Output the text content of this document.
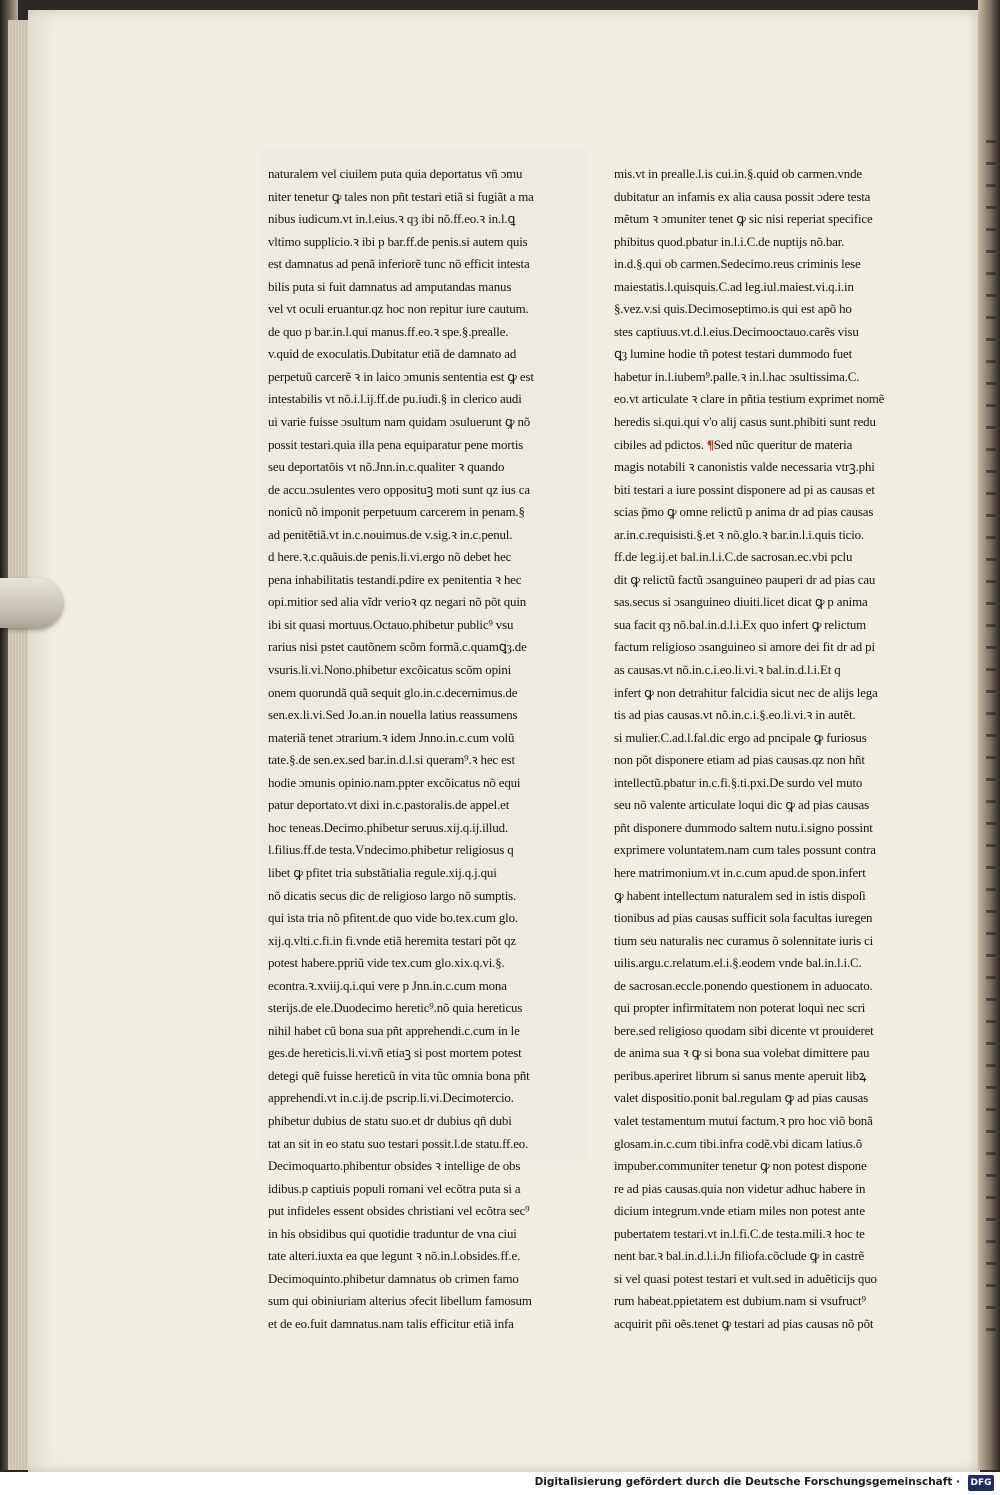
naturalem vel ciuilem puta quia deportatus vñ ɔmu
niter tenetur ꝙ tales non pñt testari etiã si fugiãt a ma
nibus iudicum.vt in.l.eius.ꝛ qȝ ibi nõ.ff.eo.ꝛ in.l.ꝗ
vltimo supplicio.ꝛ ibi p bar.ff.de penis.si autem quis
est damnatus ad penã inferiorẽ tunc nõ efficit intesta
bilis puta si fuit damnatus ad amputandas manus
vel vt oculi eruantur.qz hoc non repitur iure cautum.
de quo p bar.in.l.qui manus.ff.eo.ꝛ spe.§.prealle.
v.quid de exoculatis.Dubitatur etiã de damnato ad
perpetuũ carcerẽ ꝛ in laico ɔmunis sententia est ꝙ est
intestabilis vt nõ.i.l.ij.ff.de pu.iudi.§ in clerico audi
ui varie fuisse ɔsultum nam quidam ɔsuluerunt ꝙ nõ
possit testari.quia illa pena equiparatur pene mortis
seu deportatõis vt nõ.Jnn.in.c.qualiter ꝛ quando
de accu.ɔsulentes vero opposituꝫ moti sunt qz ius ca
nonicũ nõ imponit perpetuum carcerem in penam.§
ad penitẽtiã.vt in.c.nouimus.de v.sig.ꝛ in.c.penul.
d here.ꝛ.c.quãuis.de penis.li.vi.ergo nõ debet hec
pena inhabilitatis testandi.pdire ex penitentia ꝛ hec
opi.mitior sed alia vĩdr verioꝛ qz negari nõ põt quin
ibi sit quasi mortuus.Octauo.phibetur public⁹ vsu
rarius nisi pstet cautõnem scõm formã.c.quamꝗȝ.de
vsuris.li.vi.Nono.phibetur excõicatus scõm opini
onem quorundã quã sequit glo.in.c.decernimus.de
sen.ex.li.vi.Sed Jo.an.in nouella latius reassumens
materiã tenet ɔtrarium.ꝛ idem Jnno.in.c.cum volũ
tate.§.de sen.ex.sed bar.in.d.l.si queram⁹.ꝛ hec est
hodie ɔmunis opinio.nam.ppter excõicatus nõ equi
patur deportato.vt dixi in.c.pastoralis.de appel.et
hoc teneas.Decimo.phibetur seruus.xij.q.ij.illud.
l.filius.ff.de testa.Vndecimo.phibetur religiosus q
libet ꝙ pfitet tria substãtialia regule.xij.q.j.qui
nõ dicatis secus dic de religioso largo nõ sumptis.
qui ista tria nõ pfitent.de quo vide bo.tex.cum glo.
xij.q.vlti.c.fi.in fi.vnde etiã heremita testari põt qz
potest habere.ppriũ vide tex.cum glo.xix.q.vi.§.
econtra.ꝛ.xviij.q.i.qui vere p Jnn.in.c.cum mona
sterijs.de ele.Duodecimo heretic⁹.nõ quia hereticus
nihil habet cũ bona sua pñt apprehendi.c.cum in le
ges.de hereticis.li.vi.vñ etiaꝫ si post mortem potest
detegi quẽ fuisse hereticũ in vita tũc omnia bona pñt
apprehendi.vt in.c.ij.de pscrip.li.vi.Decimotercio.
phibetur dubius de statu suo.et dr dubius qñ dubi
tat an sit in eo statu suo testari possit.l.de statu.ff.eo.
Decimoquarto.phibentur obsides ꝛ intellige de obs
idibus.p captiuis populi romani vel ecõtra puta si a
put infideles essent obsides christiani vel ecõtra sec⁹
in his obsidibus qui quotidie traduntur de vna ciui
tate alteri.iuxta ea que legunt ꝛ nõ.in.l.obsides.ff.e.
Decimoquinto.phibetur damnatus ob crimen famo
sum qui obiniuriam alterius ɔfecit libellum famosum
et de eo.fuit damnatus.nam talis efficitur etiã infa
mis.vt in prealle.l.is cui.in.§.quid ob carmen.vnde
dubitatur an infamis ex alia causa possit ɔdere testa
mẽtum ꝛ ɔmuniter tenet ꝙ sic nisi reperiat specifice
phibitus quod.pbatur in.l.i.C.de nuptijs nõ.bar.
in.d.§.qui ob carmen.Sedecimo.reus criminis lese
maiestatis.l.quisquis.C.ad leg.iul.maiest.vi.q.i.in
§.vez.v.si quis.Decimoseptimo.is qui est apõ ho
stes captiuus.vt.d.l.eius.Decimooctauo.carẽs visu
ꝗȝ lumine hodie tñ potest testari dummodo fuet
habetur in.l.iubem⁹.palle.ꝛ in.l.hac ɔsultissima.C.
eo.vt articulate ꝛ clare in pñtia testium exprimet nomẽ
heredis si.qui.qui v'o alij casus sunt.phibiti sunt redu
cibiles ad pdictos. ¶Sed nũc queritur de materia
magis notabili ꝛ canonistis valde necessaria vtrꝫ.phi
biti testari a iure possint disponere ad pi as causas et
scias p̃mo ꝙ omne relictũ p anima dr ad pias causas
ar.in.c.requisisti.§.et ꝛ nõ.glo.ꝛ bar.in.l.i.quis ticio.
ff.de leg.ij.et bal.in.l.i.C.de sacrosan.ec.vbi pclu
dit ꝙ relictũ factũ ɔsanguineo pauperi dr ad pias cau
sas.secus si ɔsanguineo diuiti.licet dicat ꝙ p anima
sua facit qȝ nõ.bal.in.d.l.i.Ex quo infert ꝙ relictum
factum religioso ɔsanguineo si amore dei fit dr ad pi
as causas.vt nõ.in.c.i.eo.li.vi.ꝛ bal.in.d.l.i.Et q
infert ꝙ non detrahitur falcidia sicut nec de alijs lega
tis ad pias causas.vt nõ.in.c.i.§.eo.li.vi.ꝛ in autẽt.
si mulier.C.ad.l.fal.dic ergo ad pncipale ꝙ furiosus
non põt disponere etiam ad pias causas.qz non hñt
intellectũ.pbatur in.c.fi.§.ti.pxi.De surdo vel muto
seu nõ valente articulate loqui dic ꝙ ad pias causas
pñt disponere dummodo saltem nutu.i.signo possint
exprimere voluntatem.nam cum tales possunt contra
here matrimonium.vt in.c.cum apud.de spon.infert
ꝙ habent intellectum naturalem sed in istis dispoſi
tionibus ad pias causas sufficit sola facultas iuregen
tium seu naturalis nec curamus õ solennitate iuris ci
uilis.argu.c.relatum.el.i.§.eodem vnde bal.in.l.i.C.
de sacrosan.eccle.ponendo questionem in aduocato.
qui propter infirmitatem non poterat loqui nec scri
bere.sed religioso quodam sibi dicente vt prouideret
de anima sua ꝛ ꝙ si bona sua volebat dimittere pau
peribus.aperiret librum si sanus mente aperuit libꝝ
valet dispositio.ponit bal.regulam ꝙ ad pias causas
valet testamentum mutui factum.ꝛ pro hoc viõ bonã
glosam.in.c.cum tibi.infra codẽ.vbi dicam latius.õ
impuber.communiter tenetur ꝙ non potest dispone
re ad pias causas.quia non videtur adhuc habere in
dicium integrum.vnde etiam miles non potest ante
pubertatem testari.vt in.l.fi.C.de testa.mili.ꝛ hoc te
nent bar.ꝛ bal.in.d.l.i.Jn filiofa.cõclude ꝙ in castrẽ
si vel quasi potest testari et vult.sed in aduẽticijs quo
rum habeat.ppietatem est dubium.nam si vsufruct⁹
acquirit pñi oẽs.tenet ꝙ testari ad pias causas nõ põt
Digitalisierung gefördert durch die Deutsche Forschungsgemeinschaft · DFG
